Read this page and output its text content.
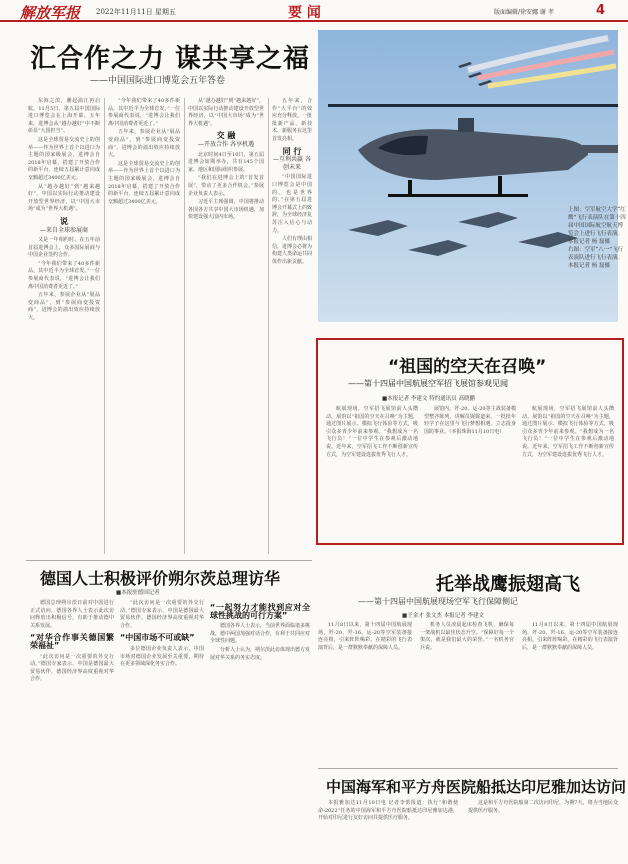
解放军报 2022年11月11日 星期五	要 闻	版面编辑/徐安娜 谢 孝	4
汇合作之力 谋共享之福
——中国国际进口博览会五年答卷

东海之滨，潮起浦江再启航。11月5日，第五届中国国际进口博览会在上海开幕。五年来，进博会从“越办越好”中不断彰显“大国担当”。

这是全球贸易交流史上的创举——作为世界上首个以进口为主题的国家级展会，进博会自2018年启幕，搭建了开放合作的新平台，连续五届累计意向成交额超过3400亿美元。

从“越办越好”到“越来越好”，中国以实际行动推动建设开放型世界经济，以“中国大市场”成为“世界大机遇”。

说

—来自全球参展商

又是一年相约时。在五年前首届进博会上，众多国际展商与中国企业签约合作。

“今年我们带来了40多件新品，其中近半为全球首发。”一位参展商代表说，“进博会让我们离中国消费者更近了。”

五年来，参展企业从“展品变商品”，到“参展商变投资商”，进博会的溢出效应持续放大。

“今年我们带来了40多件新品，其中近半为全球首发。”一位参展商代表说，“进博会让我们离中国消费者更近了。”

五年来，参展企业从“展品变商品”，到“参展商变投资商”，进博会的溢出效应持续放大。

这是全球贸易交流史上的创举——作为世界上首个以进口为主题的国家级展会，进博会自2018年启幕，搭建了开放合作的新平台，连续五届累计意向成交额超过3400亿美元。

从“越办越好”到“越来越好”，中国以实际行动推动建设开放型世界经济，以“中国大市场”成为“世界大机遇”。

交 融

—开放合作 各享机遇

北京时间4日至10日，第五届进博会如期举办，共有145个国家、地区和国际组织参展。

“我们在进博会上的“首发首展”，带动了更多合作机会。”参展企业负责人表示。

习近平主席强调，中国将推动各国各方共享中国大市场机遇，加快建设强大国内市场。

五年来，合作“大平台”的效应充分释放。一批批新产品、新技术、新服务在这里首发亮相。

同 行

—互利共赢 各创未来

“中国国际进口博览会是中国的，也是世界的。”在第五届进博会开幕式上的致辞，为全球经济复苏注入信心与动力。

人们有理由相信，进博会必将为构建人类命运共同体作出新贡献。

上图：空军航空大学“红鹰”飞行表演队在第十四届中国国际航空航天博览会上进行飞行表演。
本报记者 杨 磊摄
右图：空军“八一”飞行表演队进行飞行表演。
本报记者 杨 磊摄
“祖国的空天在召唤”
——第十四届中国航展空军招飞展馆参观见闻
■本报记者 李建文 特约通讯员 高晓鹏

航展现场，空军招飞展馆前人头攒动。展馆以“祖国的空天在召唤”为主题，通过图片展示、模拟飞行体验等方式，吸引众多青少年前来参观。“我想成为一名飞行员！”一位中学生在参观后激动地说。近年来，空军招飞工作不断创新宣传方式，为空军建设选拔优秀飞行人才。

展馆内，歼-20、运-20等主战装备模型整齐陈列，讲解员娓娓道来。一批批年轻学子在这里与飞行梦想相遇，立志投身国防事业。（本报珠海11月10日电）

航展现场，空军招飞展馆前人头攒动。展馆以“祖国的空天在召唤”为主题，通过图片展示、模拟飞行体验等方式，吸引众多青少年前来参观。“我想成为一名飞行员！”一位中学生在参观后激动地说。近年来，空军招飞工作不断创新宣传方式，为空军建设选拔优秀飞行人才。

托举战鹰振翅高飞
——第十四届中国航展现场空军飞行保障侧记
■王金才 张文杰 本报记者 李建文

11月8日以来，第十四届中国航展现场，歼-20、歼-16、运-20等空军装备接连亮相，引来阵阵喝彩。在精彩的飞行表演背后，是一群默默奉献的保障人员。

机务人员凌晨起床检查飞机，确保每一架战机以最佳状态升空。“保障好每一个架次，就是我们最大的荣誉。”一名机务官兵说。

11月8日以来，第十四届中国航展现场，歼-20、歼-16、运-20等空军装备接连亮相，引来阵阵喝彩。在精彩的飞行表演背后，是一群默默奉献的保障人员。

德国人士积极评价朔尔茨总理访华
■本报驻德国记者

德国总理朔尔茨日前对中国进行正式访问，德国各界人士表示此次访问释放出积极信号，有助于推动德中关系发展。

“对华合作事关德国繁荣福祉”

“此次访问是一次重要的外交行动。”德国专家表示，中国是德国最大贸易伙伴，德国经济界高度重视对华合作。

“此次访问是一次重要的外交行动。”德国专家表示，中国是德国最大贸易伙伴，德国经济界高度重视对华合作。

“中国市场不可或缺”

多位德国企业负责人表示，中国市场对德国企业发展至关重要，期待在更多领域深化务实合作。

“一起努力才能找到应对全球性挑战的可行方案”

德国各界人士表示，当前世界面临诸多挑战，德中两国加强对话合作，有利于共同应对全球性问题。

分析人士认为，朔尔茨此访体现出德方发展对华关系的务实态度。

中国海军和平方舟医院船抵达印尼雅加达访问

本报雅加达11月10日电 记者李蕾报道：执行“和谐使命-2022”任务的中国海军和平方舟医院船抵达印尼雅加达港，开始对印尼进行友好访问并提供医疗服务。

这是和平方舟医院船第二次访问印尼，为期7天，将为当地民众提供医疗服务。
